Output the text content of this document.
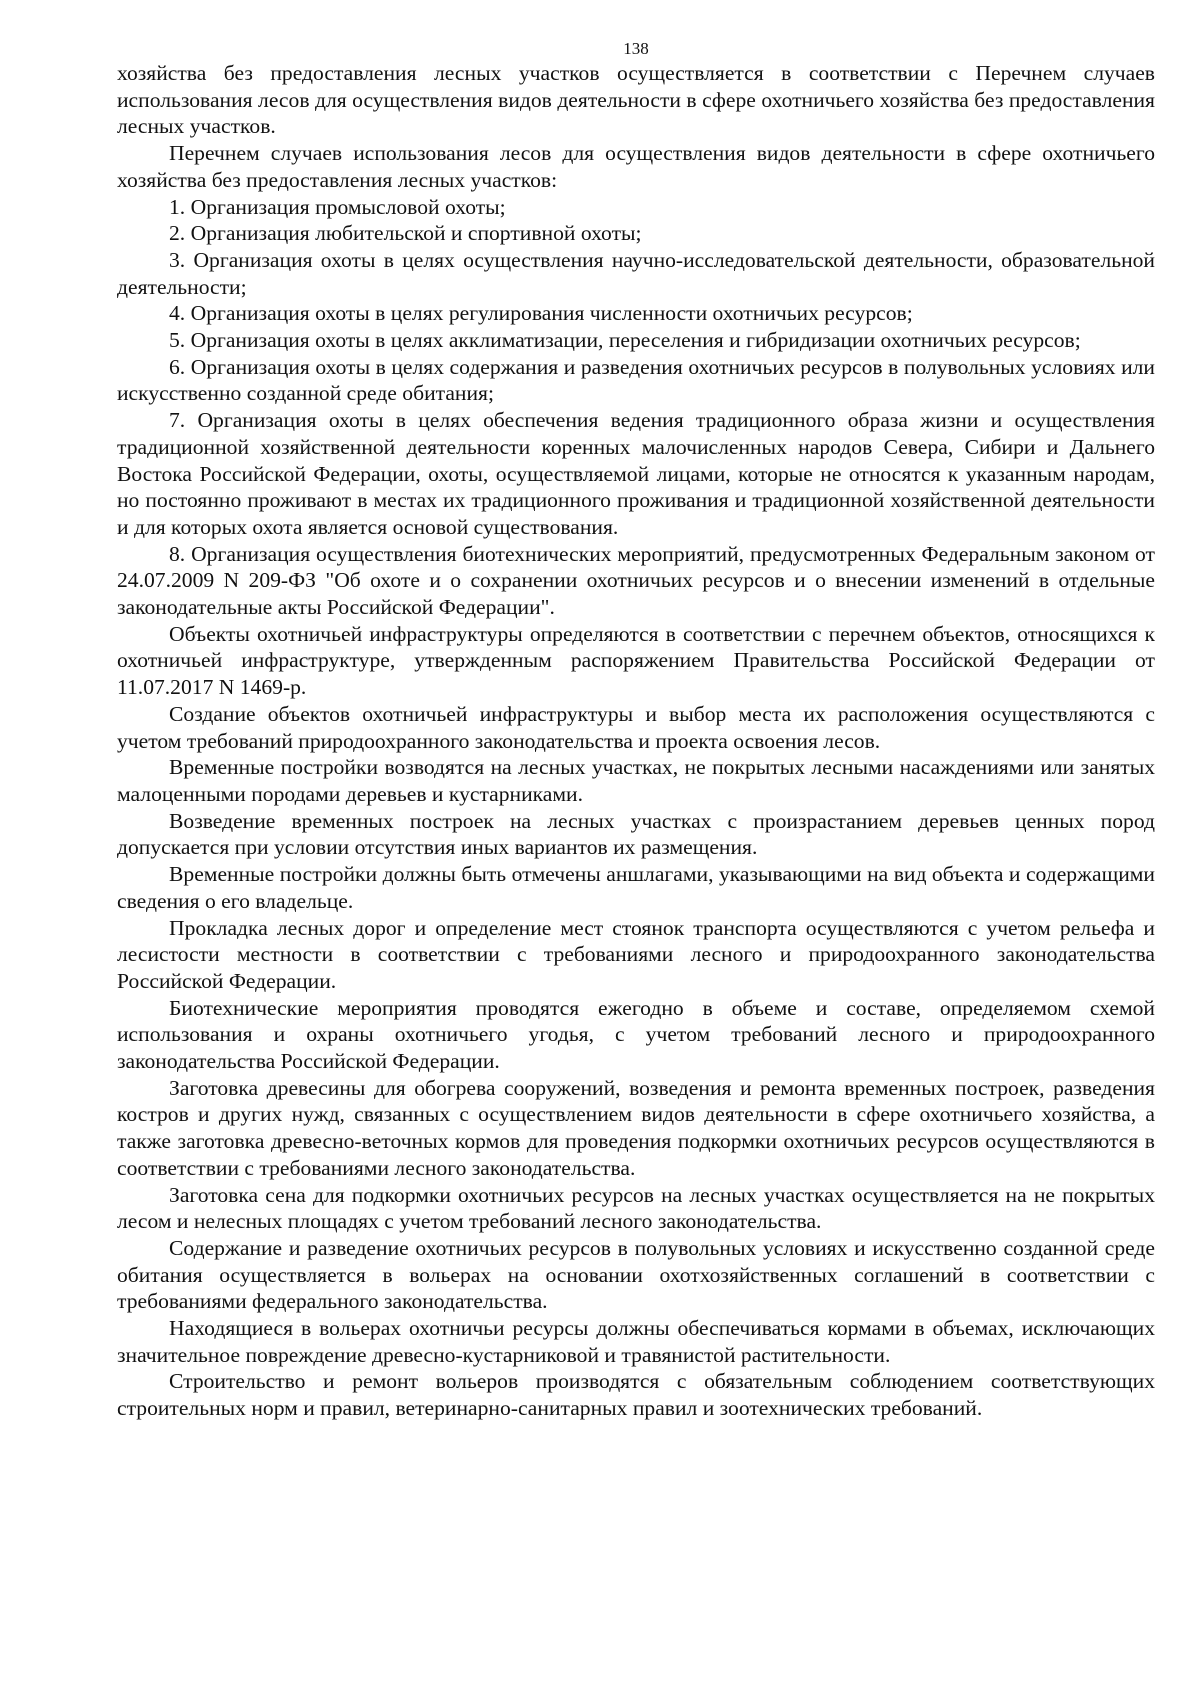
138

хозяйства без предоставления лесных участков осуществляется в соответствии с Перечнем случаев использования лесов для осуществления видов деятельности в сфере охотничьего хозяйства без предоставления лесных участков.

Перечнем случаев использования лесов для осуществления видов деятельности в сфере охотничьего хозяйства без предоставления лесных участков:

1. Организация промысловой охоты;

2. Организация любительской и спортивной охоты;

3. Организация охоты в целях осуществления научно-исследовательской деятельности, образовательной деятельности;

4. Организация охоты в целях регулирования численности охотничьих ресурсов;

5. Организация охоты в целях акклиматизации, переселения и гибридизации охотничьих ресурсов;

6. Организация охоты в целях содержания и разведения охотничьих ресурсов в полувольных условиях или искусственно созданной среде обитания;

7. Организация охоты в целях обеспечения ведения традиционного образа жизни и осуществления традиционной хозяйственной деятельности коренных малочисленных народов Севера, Сибири и Дальнего Востока Российской Федерации, охоты, осуществляемой лицами, которые не относятся к указанным народам, но постоянно проживают в местах их традиционного проживания и традиционной хозяйственной деятельности и для которых охота является основой существования.

8. Организация осуществления биотехнических мероприятий, предусмотренных Федеральным законом от 24.07.2009 N 209-ФЗ "Об охоте и о сохранении охотничьих ресурсов и о внесении изменений в отдельные законодательные акты Российской Федерации".

Объекты охотничьей инфраструктуры определяются в соответствии с перечнем объектов, относящихся к охотничьей инфраструктуре, утвержденным распоряжением Правительства Российской Федерации от 11.07.2017 N 1469-р.

Создание объектов охотничьей инфраструктуры и выбор места их расположения осуществляются с учетом требований природоохранного законодательства и проекта освоения лесов.

Временные постройки возводятся на лесных участках, не покрытых лесными насаждениями или занятых малоценными породами деревьев и кустарниками.

Возведение временных построек на лесных участках с произрастанием деревьев ценных пород допускается при условии отсутствия иных вариантов их размещения.

Временные постройки должны быть отмечены аншлагами, указывающими на вид объекта и содержащими сведения о его владельце.

Прокладка лесных дорог и определение мест стоянок транспорта осуществляются с учетом рельефа и лесистости местности в соответствии с требованиями лесного и природоохранного законодательства Российской Федерации.

Биотехнические мероприятия проводятся ежегодно в объеме и составе, определяемом схемой использования и охраны охотничьего угодья, с учетом требований лесного и природоохранного законодательства Российской Федерации.

Заготовка древесины для обогрева сооружений, возведения и ремонта временных построек, разведения костров и других нужд, связанных с осуществлением видов деятельности в сфере охотничьего хозяйства, а также заготовка древесно-веточных кормов для проведения подкормки охотничьих ресурсов осуществляются в соответствии с требованиями лесного законодательства.

Заготовка сена для подкормки охотничьих ресурсов на лесных участках осуществляется на не покрытых лесом и нелесных площадях с учетом требований лесного законодательства.

Содержание и разведение охотничьих ресурсов в полувольных условиях и искусственно созданной среде обитания осуществляется в вольерах на основании охотхозяйственных соглашений в соответствии с требованиями федерального законодательства.

Находящиеся в вольерах охотничьи ресурсы должны обеспечиваться кормами в объемах, исключающих значительное повреждение древесно-кустарниковой и травянистой растительности.

Строительство и ремонт вольеров производятся с обязательным соблюдением соответствующих строительных норм и правил, ветеринарно-санитарных правил и зоотехнических требований.
